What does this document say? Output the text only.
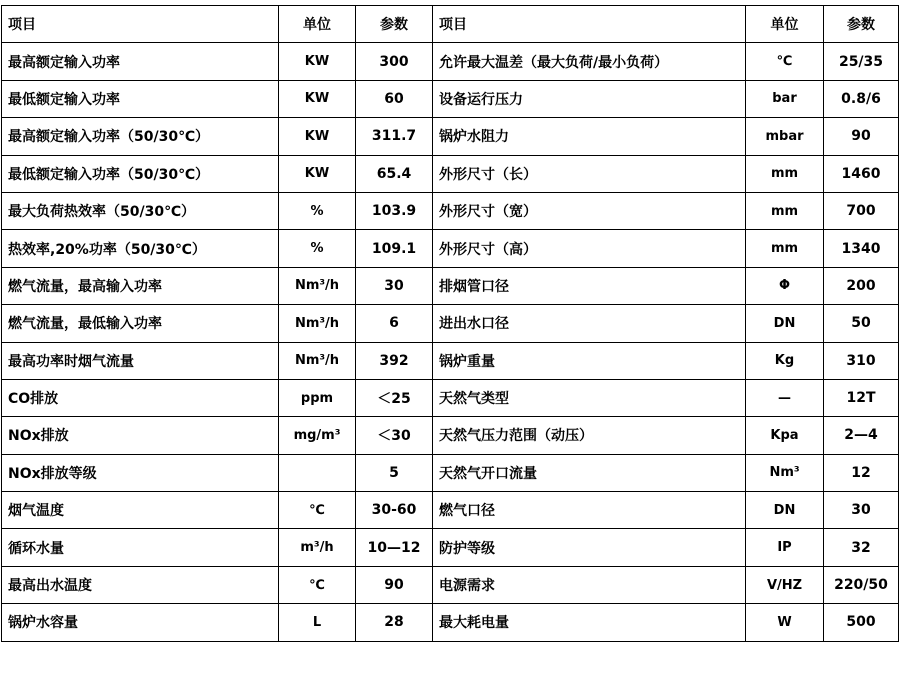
项目	单位	参数	项目	单位	参数
最高额定输入功率	KW	300	允许最大温差（最大负荷/最小负荷）	℃	25/35
最低额定输入功率	KW	60	设备运行压力	bar	0.8/6
最高额定输入功率（50/30℃）	KW	311.7	锅炉水阻力	mbar	90
最低额定输入功率（50/30℃）	KW	65.4	外形尺寸（长）	mm	1460
最大负荷热效率（50/30℃）	%	103.9	外形尺寸（宽）	mm	700
热效率,20%功率（50/30℃）	%	109.1	外形尺寸（高）	mm	1340
燃气流量，最高输入功率	Nm³/h	30	排烟管口径	Φ	200
燃气流量，最低输入功率	Nm³/h	6	进出水口径	DN	50
最高功率时烟气流量	Nm³/h	392	锅炉重量	Kg	310
CO排放	ppm	＜25	天然气类型	—	12T
NOx排放	mg/m³	＜30	天然气压力范围（动压）	Kpa	2—4
NOx排放等级		5	天然气开口流量	Nm³	12
烟气温度	℃	30-60	燃气口径	DN	30
循环水量	m³/h	10—12	防护等级	IP	32
最高出水温度	℃	90	电源需求	V/HZ	220/50
锅炉水容量	L	28	最大耗电量	W	500
